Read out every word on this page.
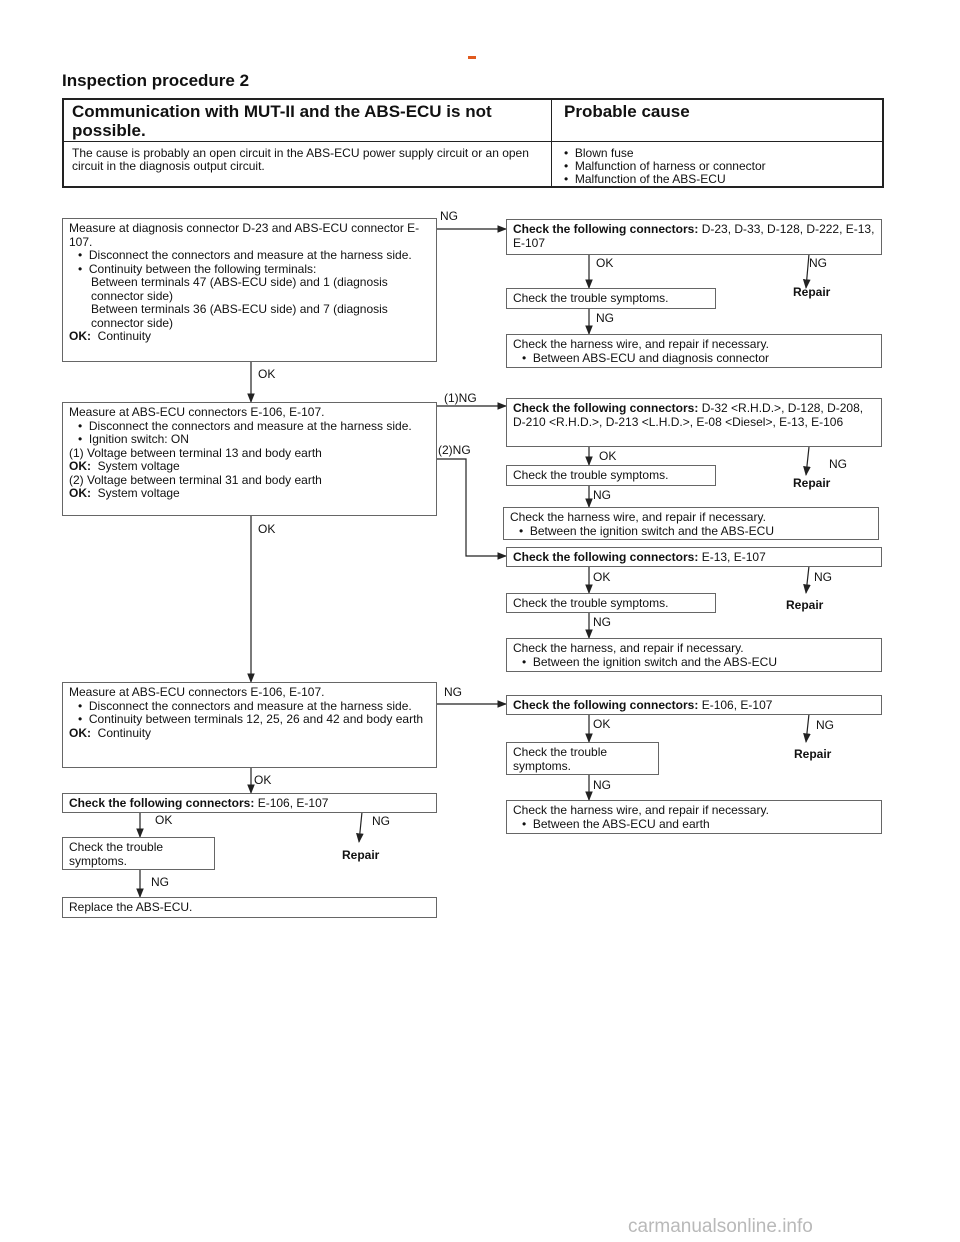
Inspection procedure 2
Communication with MUT-II and the ABS-ECU is not possible.
Probable cause
The cause is probably an open circuit in the ABS-ECU power supply circuit or an open circuit in the diagnosis output circuit.
•  Blown fuse
•  Malfunction of harness or connector
•  Malfunction of the ABS-ECU
Measure at diagnosis connector D-23 and ABS-ECU connector E-107.
•  Disconnect the connectors and measure at the harness side.
•  Continuity between the following terminals:
Between terminals 47 (ABS-ECU side) and 1 (diagnosis connector side)
Between terminals 36 (ABS-ECU side) and 7 (diagnosis connector side)
OK: Continuity
Check the following connectors: D-23, D-33, D-128, D-222, E-13, E-107
Check the trouble symptoms.
Check the harness wire, and repair if necessary.
•  Between ABS-ECU and diagnosis connector
Measure at ABS-ECU connectors E-106, E-107.
•  Disconnect the connectors and measure at the harness side.
•  Ignition switch: ON
(1) Voltage between terminal 13 and body earth
OK: System voltage
(2) Voltage between terminal 31 and body earth
OK: System voltage
Check the following connectors: D-32 <R.H.D.>, D-128, D-208, D-210 <R.H.D.>, D-213 <L.H.D.>, E-08 <Diesel>, E-13, E-106
Check the trouble symptoms.
Check the harness wire, and repair if necessary.
•  Between the ignition switch and the ABS-ECU
Check the following connectors: E-13, E-107
Check the trouble symptoms.
Check the harness, and repair if necessary.
•  Between the ignition switch and the ABS-ECU
Measure at ABS-ECU connectors E-106, E-107.
•  Disconnect the connectors and measure at the harness side.
•  Continuity between terminals 12, 25, 26 and 42 and body earth
OK: Continuity
Check the following connectors: E-106, E-107
Check the trouble symptoms.
Check the harness wire, and repair if necessary.
•  Between the ABS-ECU and earth
Check the following connectors: E-106, E-107
Check the trouble symptoms.
Replace the ABS-ECU.
NG
OK	NG
Repair
NG
OK
(1)NG
(2)NG	OK
NG
Repair
NG
OK
OK	NG
Repair
NG
NG
OK	NG
Repair
NG
OK
OK	NG
Repair
NG
carmanualsonline.info
